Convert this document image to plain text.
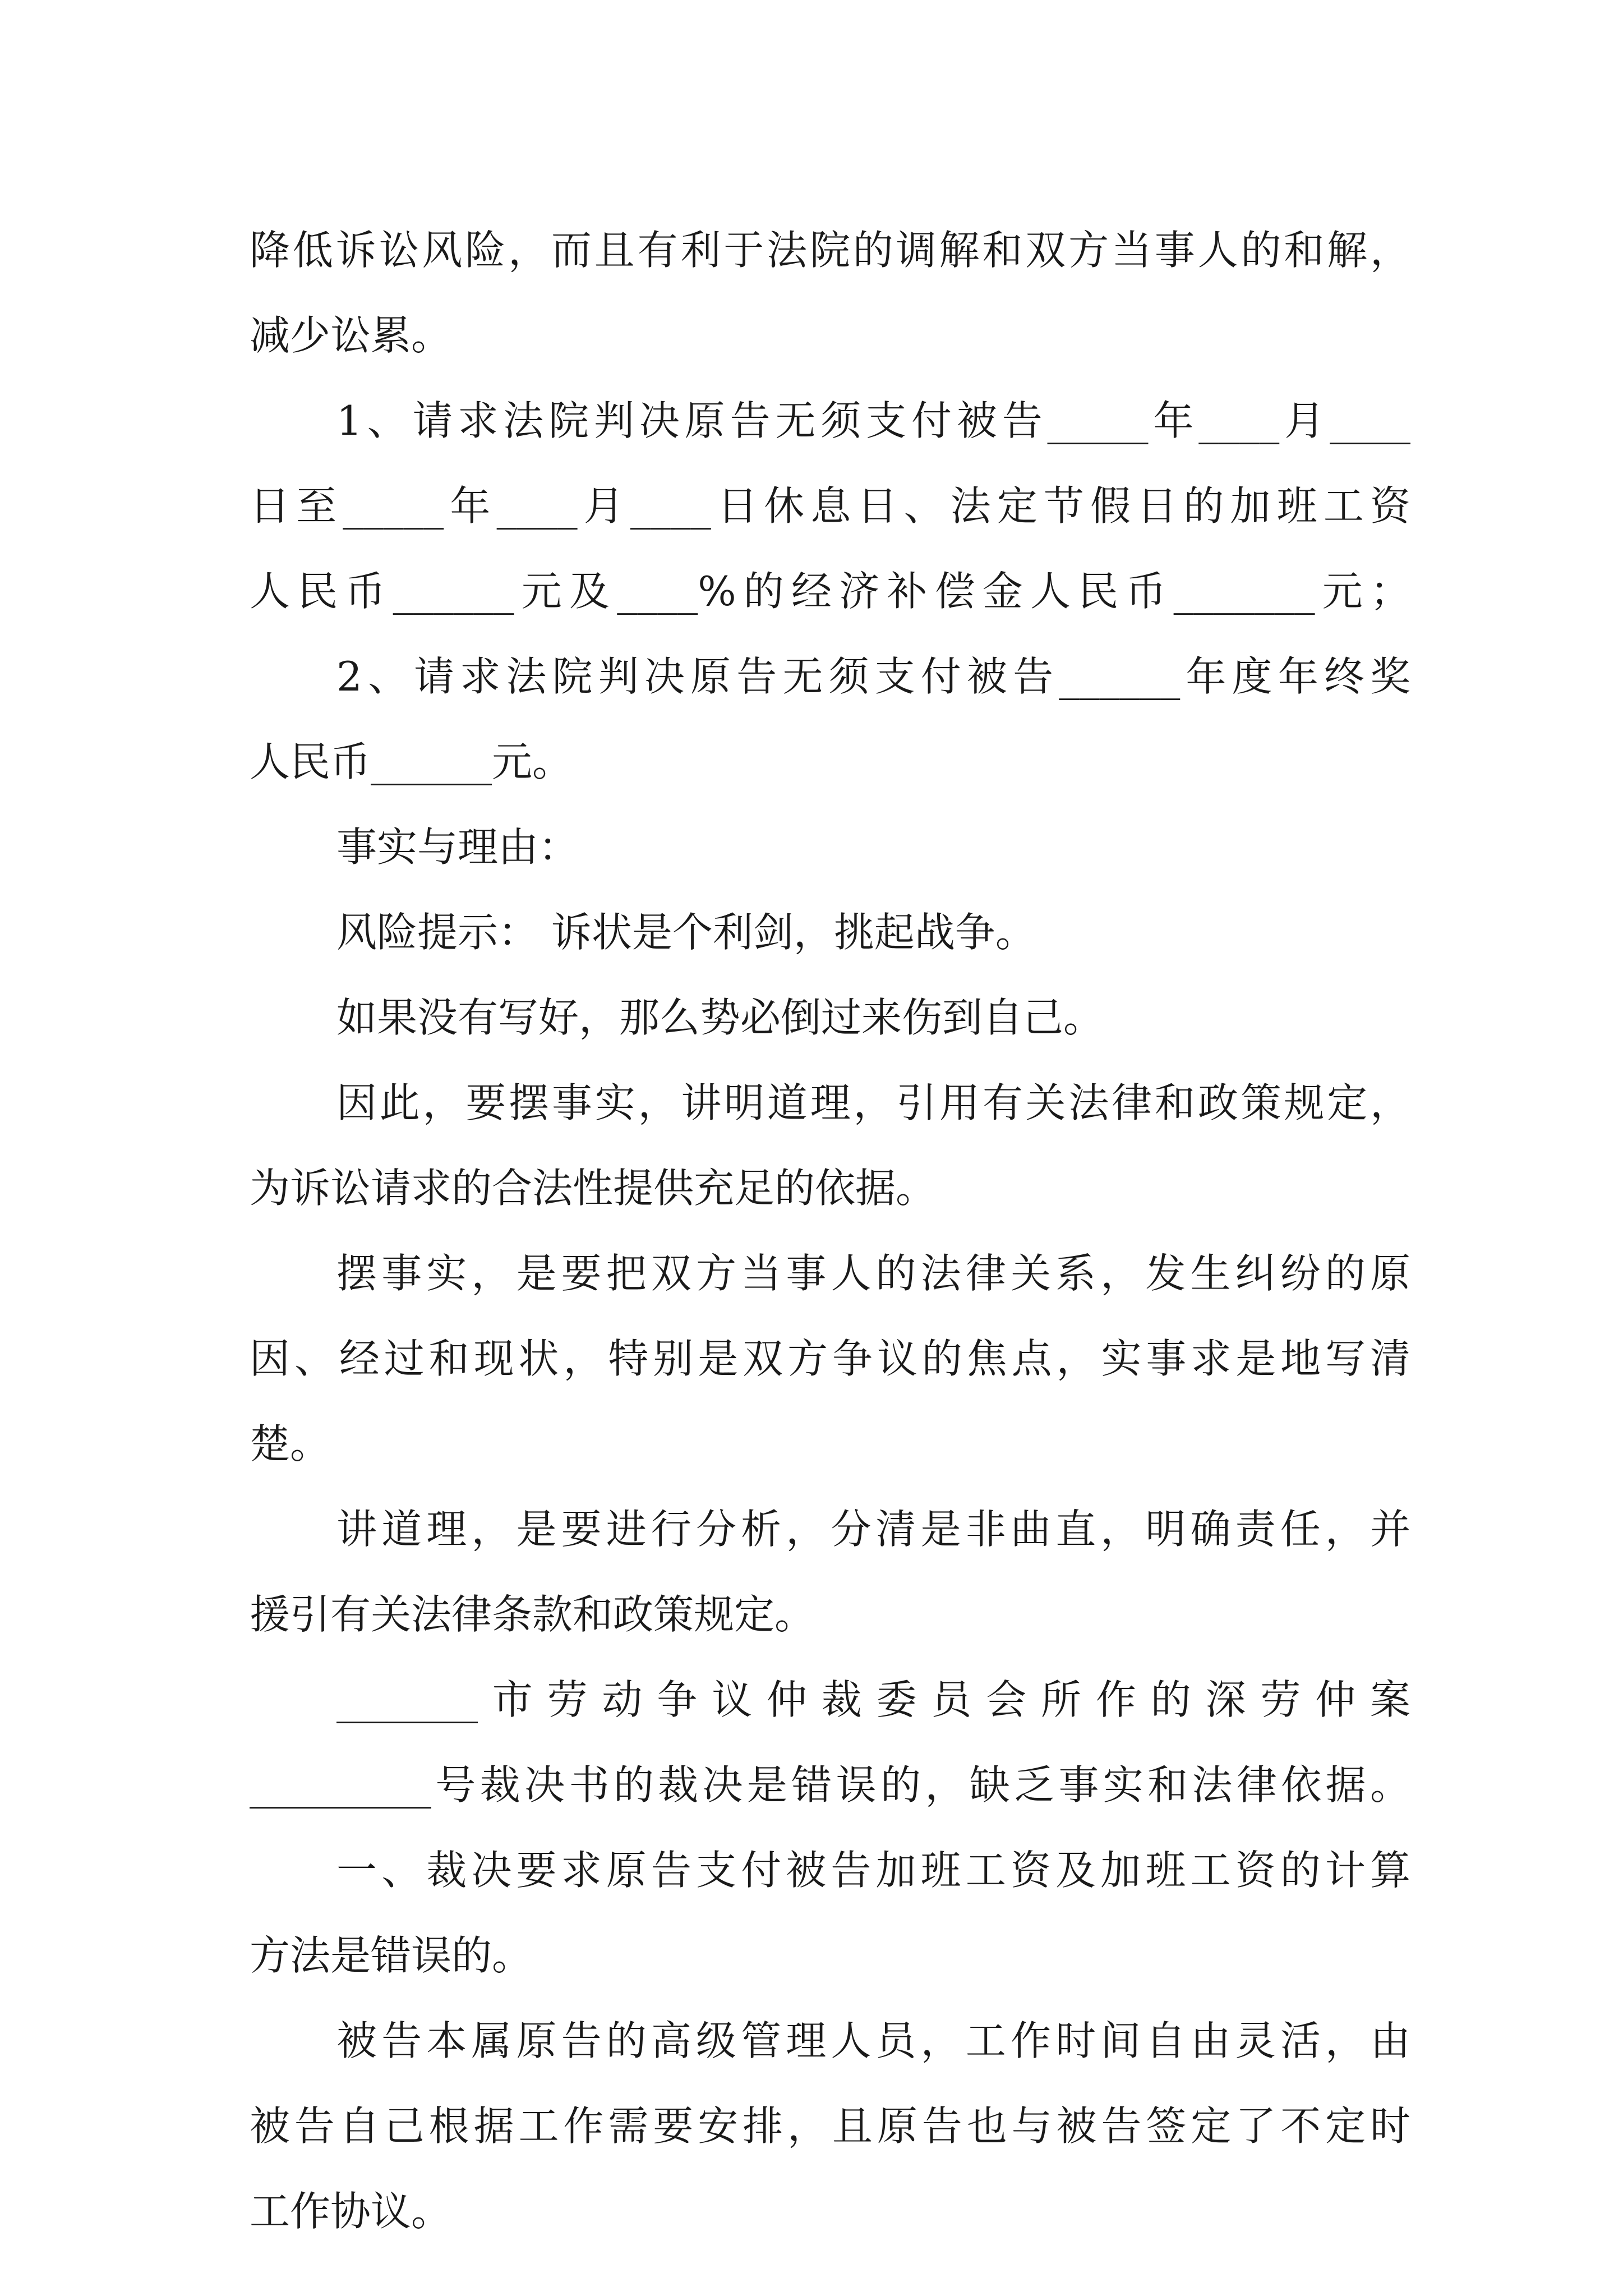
降低诉讼风险，而且有利于法院的调解和双方当事人的和解，
减少讼累。
1、请求法院判决原告无须支付被告_____年____月____
日至_____年____月____日休息日、法定节假日的加班工资
人民币______元及____%的经济补偿金人民币_______元；
2、请求法院判决原告无须支付被告______年度年终奖
人民币______元。
事实与理由：
风险提示： 诉状是个利剑，挑起战争。
如果没有写好，那么势必倒过来伤到自己。
因此，要摆事实，讲明道理，引用有关法律和政策规定，
为诉讼请求的合法性提供充足的依据。
摆事实，是要把双方当事人的法律关系，发生纠纷的原
因、经过和现状，特别是双方争议的焦点，实事求是地写清
楚。
讲道理，是要进行分析，分清是非曲直，明确责任，并
援引有关法律条款和政策规定。
_______市劳动争议仲裁委员会所作的深劳仲案
_________号裁决书的裁决是错误的，缺乏事实和法律依据。
一、裁决要求原告支付被告加班工资及加班工资的计算
方法是错误的。
被告本属原告的高级管理人员，工作时间自由灵活，由
被告自己根据工作需要安排，且原告也与被告签定了不定时
工作协议。
